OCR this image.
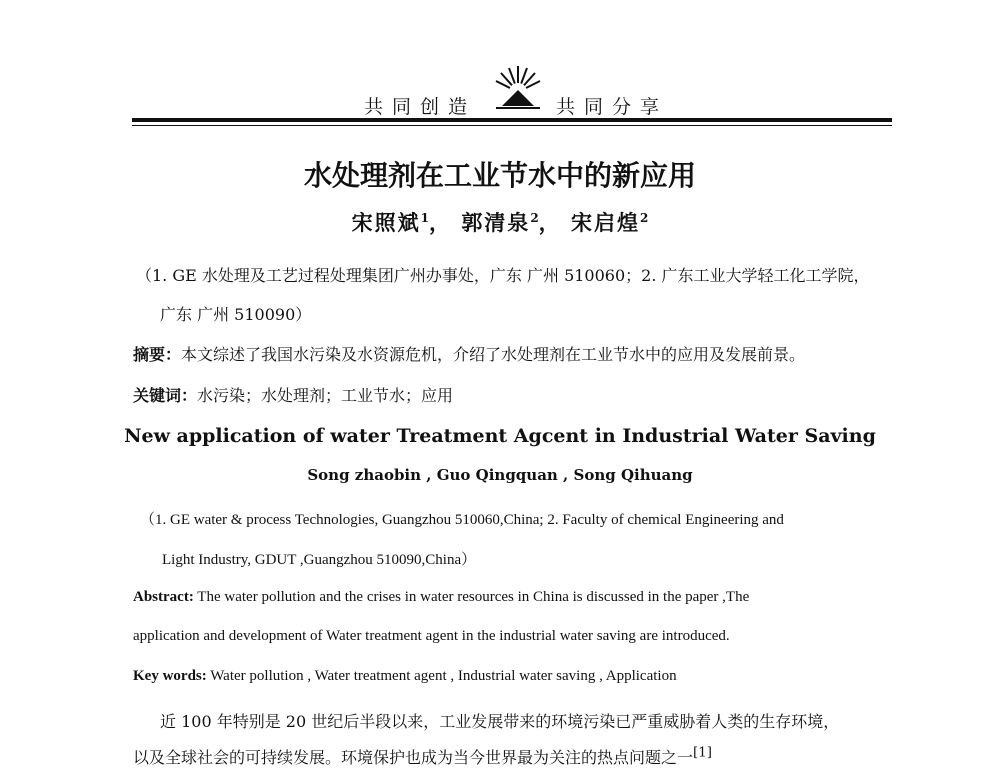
共同创造	共同分享
水处理剂在工业节水中的新应用
宋照斌$^1$， 郭清泉$^2$， 宋启煌$^2$
（1. GE 水处理及工艺过程处理集团广州办事处，广东 广州 510060；2. 广东工业大学轻工化工学院，
广东 广州 510090）
摘要：本文综述了我国水污染及水资源危机，介绍了水处理剂在工业节水中的应用及发展前景。
关键词：水污染；水处理剂；工业节水；应用
New application of water Treatment Agcent in Industrial Water Saving
Song zhaobin , Guo Qingquan , Song Qihuang
（1. GE water & process Technologies, Guangzhou 510060,China; 2. Faculty of chemical Engineering and
Light Industry, GDUT ,Guangzhou 510090,China）
Abstract: The water pollution and the crises in water resources in China is discussed in the paper ,The
application and development of Water treatment agent in the industrial water saving are introduced.
Key words: Water pollution , Water treatment agent , Industrial water saving , Application
近 100 年特别是 20 世纪后半段以来，工业发展带来的环境污染已严重威胁着人类的生存环境，
以及全球社会的可持续发展。环境保护也成为当今世界最为关注的热点问题之一[1]
